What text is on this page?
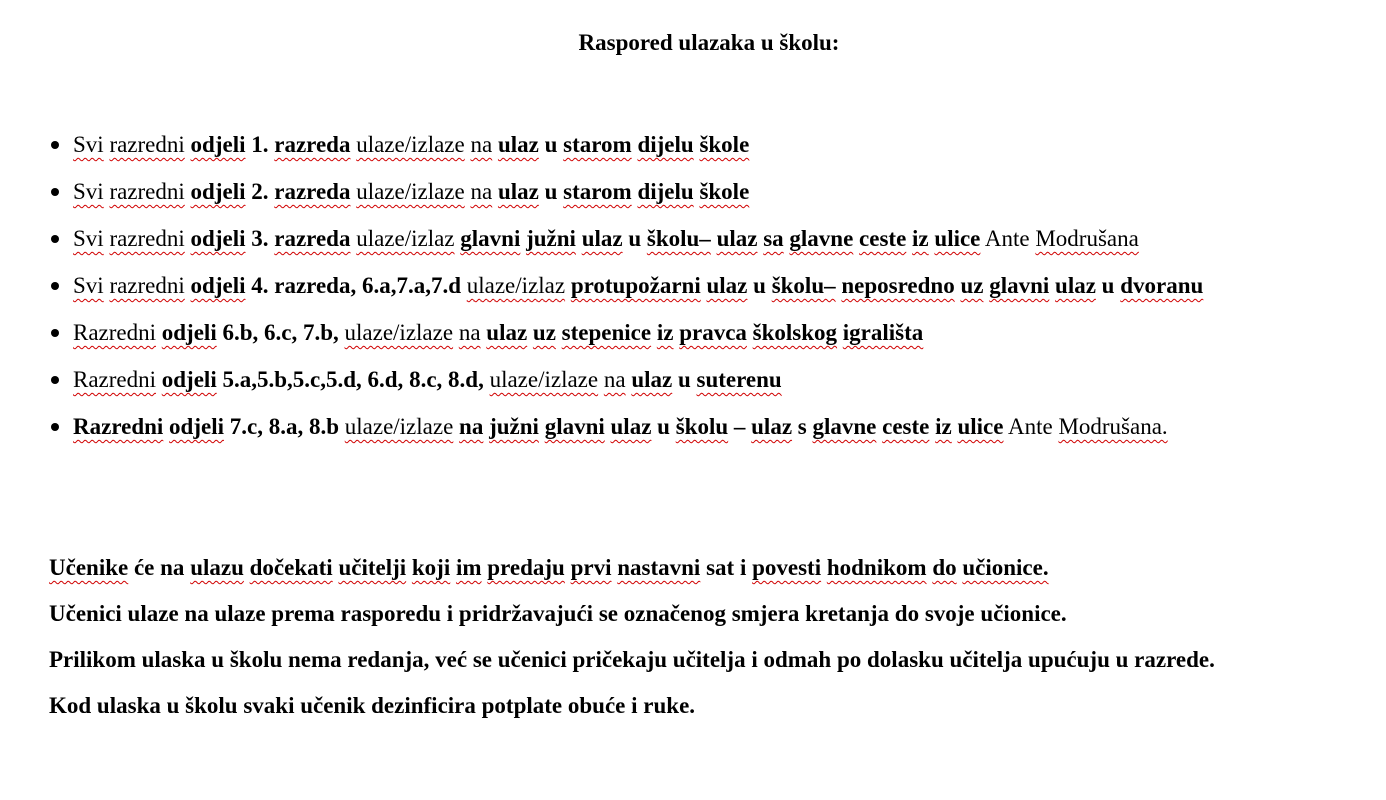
Raspored ulazaka u školu:
Svi razredni odjeli 1. razreda ulaze/izlaze na ulaz u starom dijelu škole
Svi razredni odjeli 2. razreda ulaze/izlaze na ulaz u starom dijelu škole
Svi razredni odjeli 3. razreda ulaze/izlaz glavni južni ulaz u školu– ulaz sa glavne ceste iz ulice Ante Modrušana
Svi razredni odjeli 4. razreda, 6.a,7.a,7.d ulaze/izlaz protupožarni ulaz u školu– neposredno uz glavni ulaz u dvoranu
Razredni odjeli 6.b, 6.c, 7.b, ulaze/izlaze na ulaz uz stepenice iz pravca školskog igrališta
Razredni odjeli 5.a,5.b,5.c,5.d, 6.d, 8.c, 8.d, ulaze/izlaze na ulaz u suterenu
Razredni odjeli 7.c, 8.a, 8.b ulaze/izlaze na južni glavni ulaz u školu – ulaz s glavne ceste iz ulice Ante Modrušana.

Učenike će na ulazu dočekati učitelji koji im predaju prvi nastavni sat i povesti hodnikom do učionice.

Učenici ulaze na ulaze prema rasporedu i pridržavajući se označenog smjera kretanja do svoje učionice.

Prilikom ulaska u školu nema redanja, već se učenici pričekaju učitelja i odmah po dolasku učitelja upućuju u razrede.

Kod ulaska u školu svaki učenik dezinficira potplate obuće i ruke.
